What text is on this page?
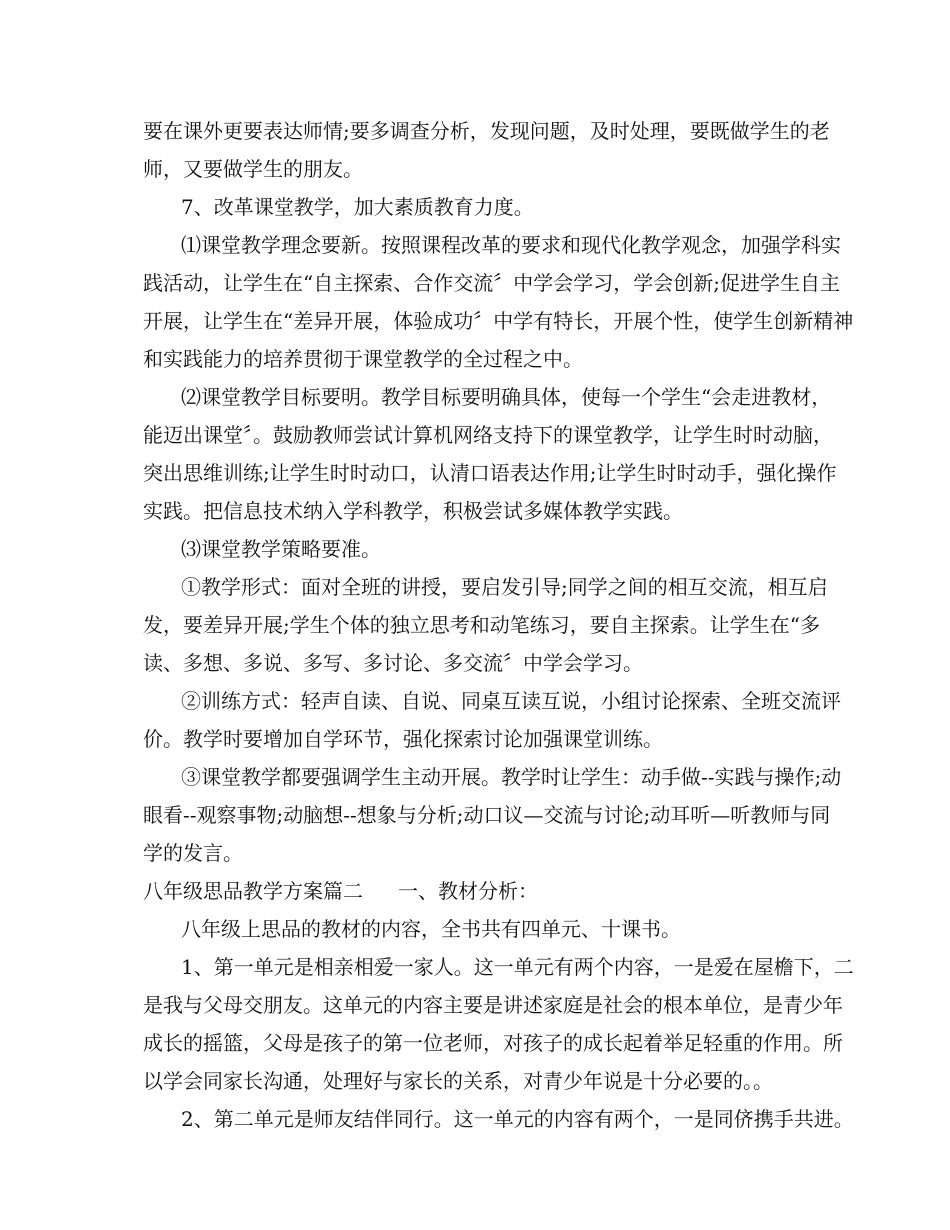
要在课外更要表达师情;要多调查分析，发现问题，及时处理，要既做学生的老
师，又要做学生的朋友。
7、改革课堂教学，加大素质教育力度。
⑴课堂教学理念要新。按照课程改革的要求和现代化教学观念，加强学科实
践活动，让学生在“自主探索、合作交流〞中学会学习，学会创新;促进学生自主
开展，让学生在“差异开展，体验成功〞中学有特长，开展个性，使学生创新精神
和实践能力的培养贯彻于课堂教学的全过程之中。
⑵课堂教学目标要明。教学目标要明确具体，使每一个学生“会走进教材，
能迈出课堂〞。鼓励教师尝试计算机网络支持下的课堂教学，让学生时时动脑，
突出思维训练;让学生时时动口，认清口语表达作用;让学生时时动手，强化操作
实践。把信息技术纳入学科教学，积极尝试多媒体教学实践。
⑶课堂教学策略要准。
①教学形式：面对全班的讲授，要启发引导;同学之间的相互交流，相互启
发，要差异开展;学生个体的独立思考和动笔练习，要自主探索。让学生在“多
读、多想、多说、多写、多讨论、多交流〞中学会学习。
②训练方式：轻声自读、自说、同桌互读互说，小组讨论探索、全班交流评
价。教学时要增加自学环节，强化探索讨论加强课堂训练。
③课堂教学都要强调学生主动开展。教学时让学生：动手做--实践与操作;动
眼看--观察事物;动脑想--想象与分析;动口议—交流与讨论;动耳听—听教师与同
学的发言。
八年级思品教学方案篇二 一、教材分析：
八年级上思品的教材的内容，全书共有四单元、十课书。
1、第一单元是相亲相爱一家人。这一单元有两个内容，一是爱在屋檐下，二
是我与父母交朋友。这单元的内容主要是讲述家庭是社会的根本单位，是青少年
成长的摇篮，父母是孩子的第一位老师，对孩子的成长起着举足轻重的作用。所
以学会同家长沟通，处理好与家长的关系，对青少年说是十分必要的。。
2、第二单元是师友结伴同行。这一单元的内容有两个，一是同侪携手共进。
